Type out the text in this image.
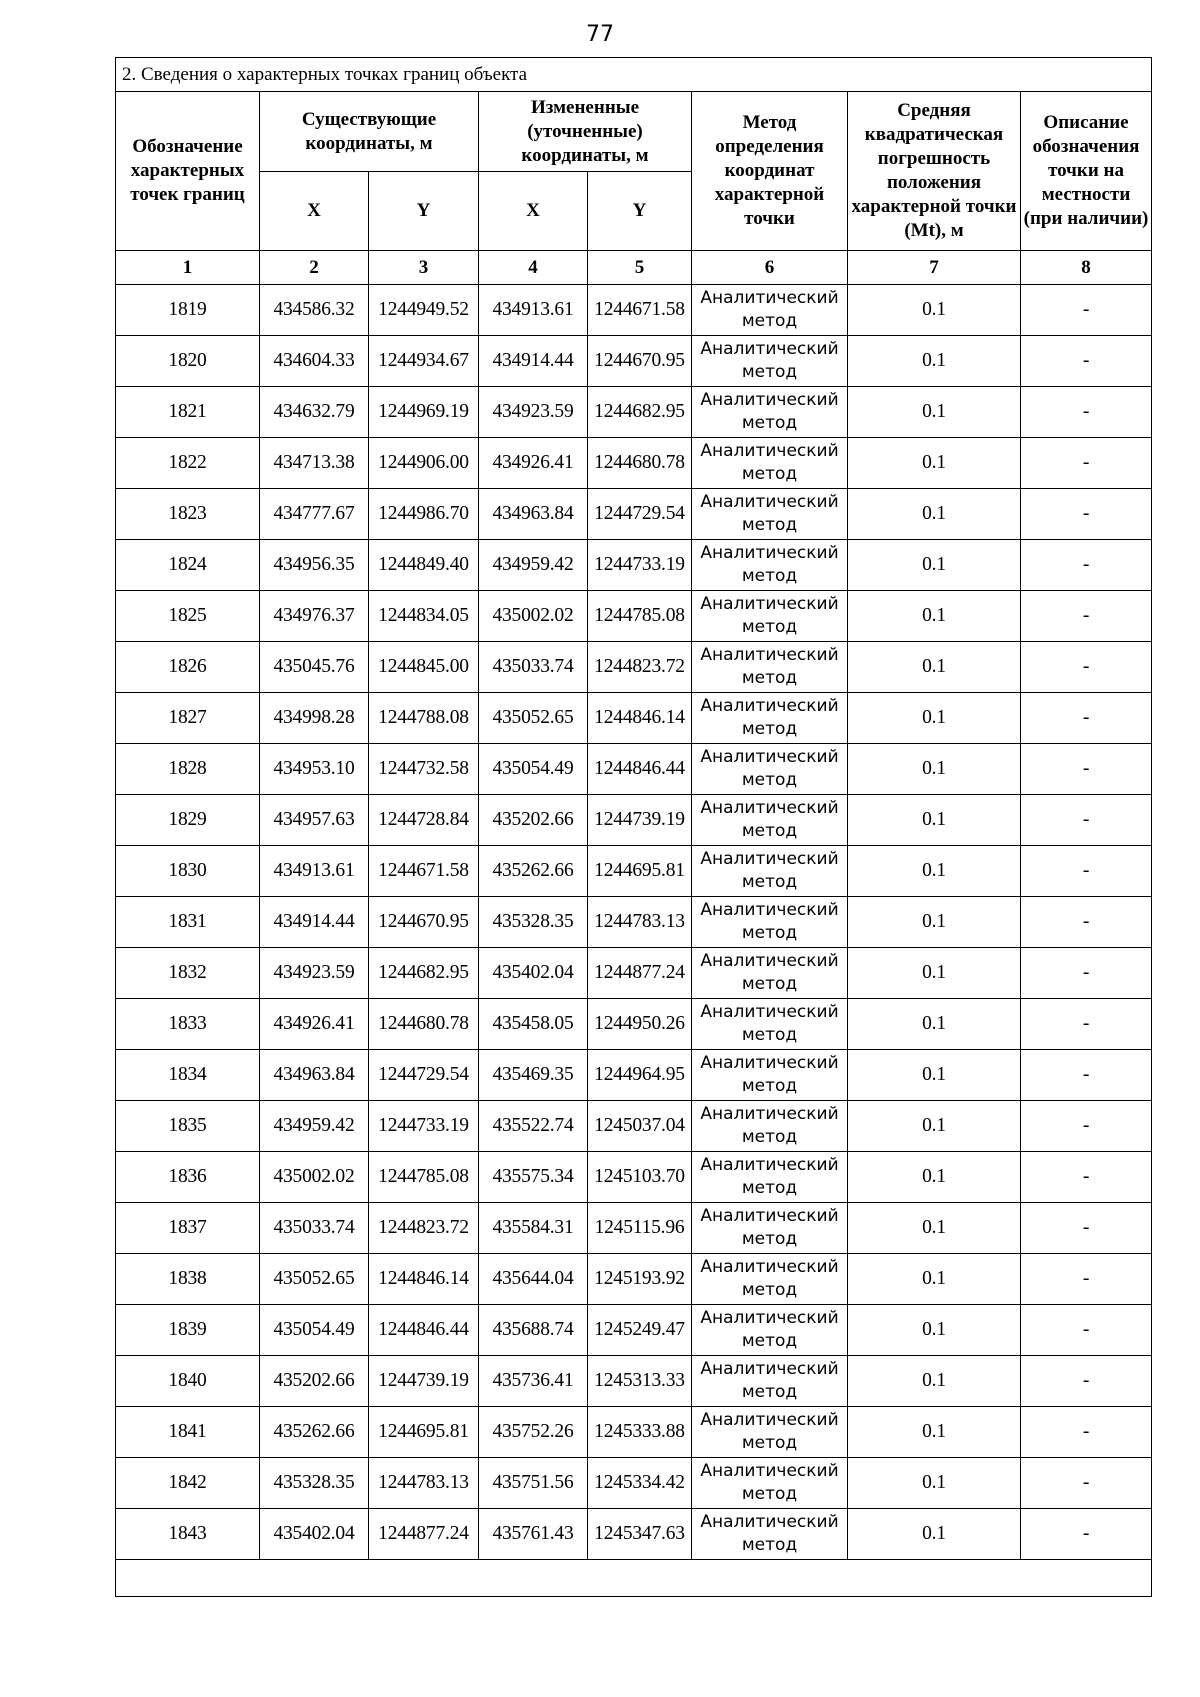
77
2. Сведения о характерных точках границ объекта							
Обозначение характерных точек границ	Существующие координаты, м		Измененные (уточненные) координаты, м		Метод определения координат характерной точки	Средняя квадратическая погрешность положения характерной точки (Mt), м	Описание обозначения точки на местности (при наличии)
	X	Y	X	Y			
1	2	3	4	5	6	7	8
1819	434586.32	1244949.52	434913.61	1244671.58	Аналитический метод	0.1	-
1820	434604.33	1244934.67	434914.44	1244670.95	Аналитический метод	0.1	-
1821	434632.79	1244969.19	434923.59	1244682.95	Аналитический метод	0.1	-
1822	434713.38	1244906.00	434926.41	1244680.78	Аналитический метод	0.1	-
1823	434777.67	1244986.70	434963.84	1244729.54	Аналитический метод	0.1	-
1824	434956.35	1244849.40	434959.42	1244733.19	Аналитический метод	0.1	-
1825	434976.37	1244834.05	435002.02	1244785.08	Аналитический метод	0.1	-
1826	435045.76	1244845.00	435033.74	1244823.72	Аналитический метод	0.1	-
1827	434998.28	1244788.08	435052.65	1244846.14	Аналитический метод	0.1	-
1828	434953.10	1244732.58	435054.49	1244846.44	Аналитический метод	0.1	-
1829	434957.63	1244728.84	435202.66	1244739.19	Аналитический метод	0.1	-
1830	434913.61	1244671.58	435262.66	1244695.81	Аналитический метод	0.1	-
1831	434914.44	1244670.95	435328.35	1244783.13	Аналитический метод	0.1	-
1832	434923.59	1244682.95	435402.04	1244877.24	Аналитический метод	0.1	-
1833	434926.41	1244680.78	435458.05	1244950.26	Аналитический метод	0.1	-
1834	434963.84	1244729.54	435469.35	1244964.95	Аналитический метод	0.1	-
1835	434959.42	1244733.19	435522.74	1245037.04	Аналитический метод	0.1	-
1836	435002.02	1244785.08	435575.34	1245103.70	Аналитический метод	0.1	-
1837	435033.74	1244823.72	435584.31	1245115.96	Аналитический метод	0.1	-
1838	435052.65	1244846.14	435644.04	1245193.92	Аналитический метод	0.1	-
1839	435054.49	1244846.44	435688.74	1245249.47	Аналитический метод	0.1	-
1840	435202.66	1244739.19	435736.41	1245313.33	Аналитический метод	0.1	-
1841	435262.66	1244695.81	435752.26	1245333.88	Аналитический метод	0.1	-
1842	435328.35	1244783.13	435751.56	1245334.42	Аналитический метод	0.1	-
1843	435402.04	1244877.24	435761.43	1245347.63	Аналитический метод	0.1	-
